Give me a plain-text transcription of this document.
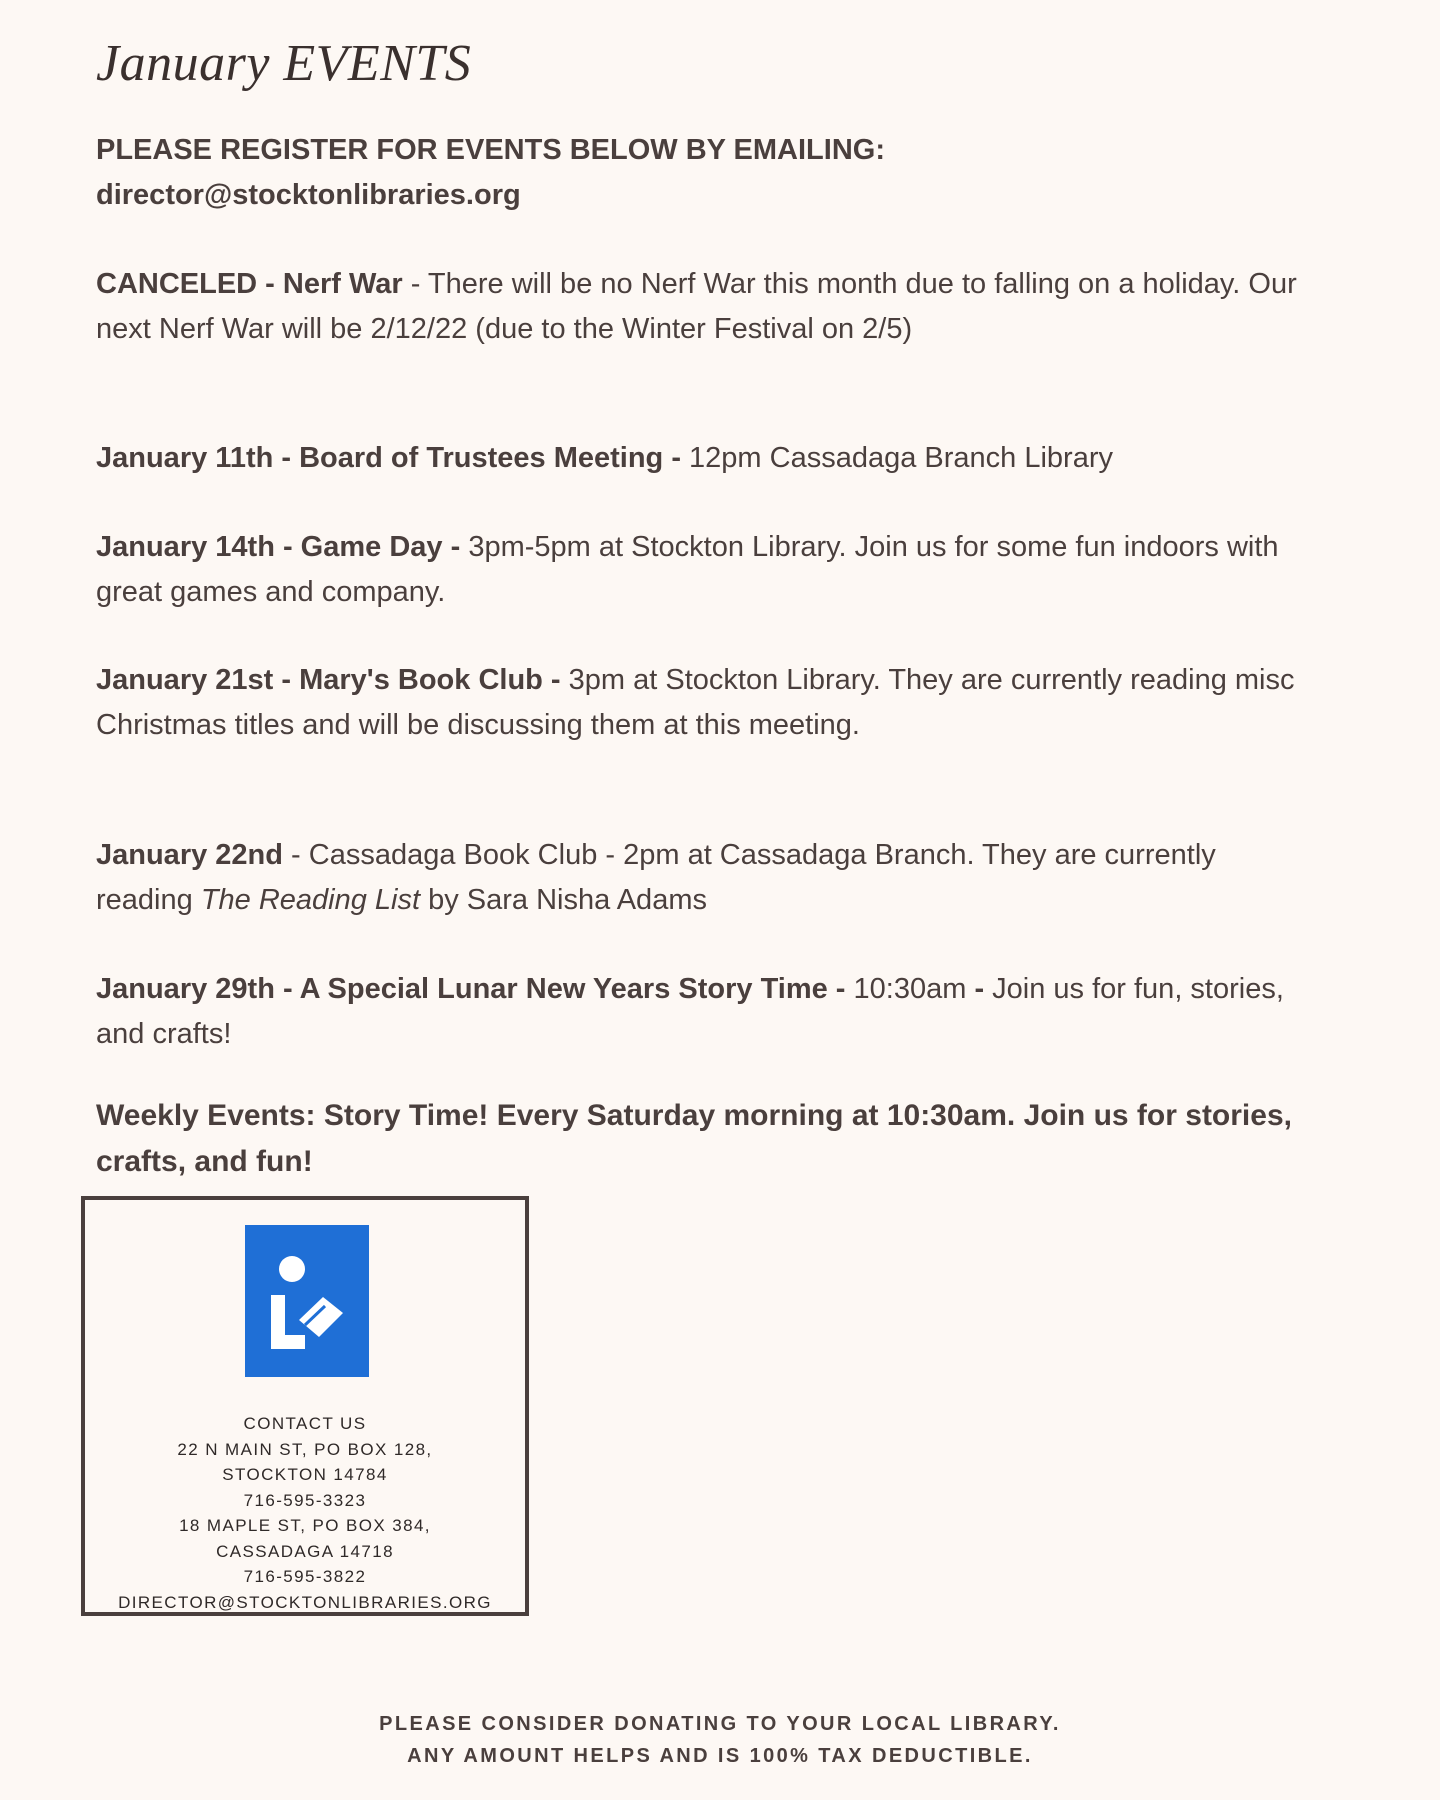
January EVENTS

PLEASE REGISTER FOR EVENTS BELOW BY EMAILING:
director@stocktonlibraries.org

CANCELED - Nerf War - There will be no Nerf War this month due to falling on a holiday. Our next Nerf War will be 2/12/22 (due to the Winter Festival on 2/5)

January 11th - Board of Trustees Meeting - 12pm Cassadaga Branch Library

January 14th - Game Day - 3pm-5pm at Stockton Library. Join us for some fun indoors with great games and company.

January 21st - Mary's Book Club - 3pm at Stockton Library. They are currently reading misc Christmas titles and will be discussing them at this meeting.

January 22nd - Cassadaga Book Club - 2pm at Cassadaga Branch. They are currently reading The Reading List by Sara Nisha Adams

January 29th - A Special Lunar New Years Story Time - 10:30am - Join us for fun, stories, and crafts!

Weekly Events: Story Time! Every Saturday morning at 10:30am. Join us for stories, crafts, and fun!

CONTACT US
22 N MAIN ST, PO BOX 128,
STOCKTON 14784
716-595-3323
18 MAPLE ST, PO BOX 384,
CASSADAGA 14718
716-595-3822
DIRECTOR@STOCKTONLIBRARIES.ORG
PLEASE CONSIDER DONATING TO YOUR LOCAL LIBRARY.
ANY AMOUNT HELPS AND IS 100% TAX DEDUCTIBLE.
